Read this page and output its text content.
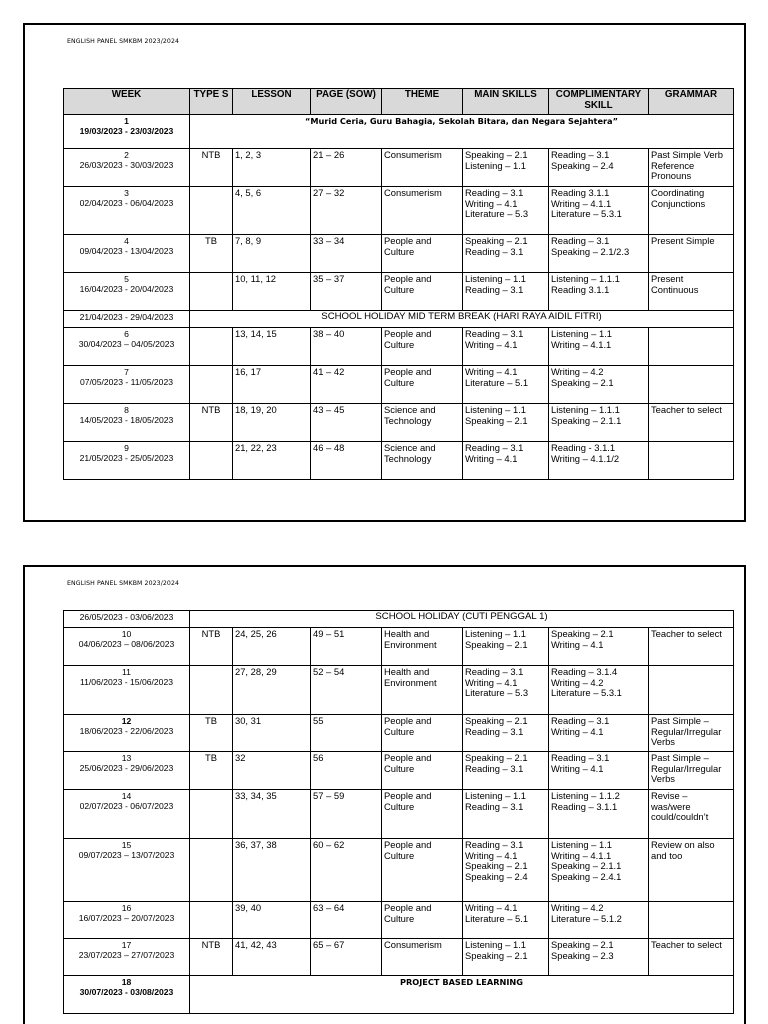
ENGLISH PANEL SMKBM 2023/2024
WEEK	TYPE S	LESSON	PAGE (SOW)	THEME	MAIN SKILLS	COMPLIMENTARY SKILL	GRAMMAR

1
19/03/2023 - 23/03/2023	“Murid Ceria, Guru Bahagia, Sekolah Bitara, dan Negara Sejahtera”						

2
26/03/2023 - 30/03/2023	NTB	1, 2, 3	21 – 26	Consumerism	Speaking – 2.1
Listening – 1.1	Reading – 3.1
Speaking – 2.4	Past Simple Verb
Reference
Pronouns

3
02/04/2023 - 06/04/2023		4, 5, 6	27 – 32	Consumerism	Reading – 3.1
Writing – 4.1
Literature – 5.3	Reading 3.1.1
Writing – 4.1.1
Literature – 5.3.1	Coordinating
Conjunctions

4
09/04/2023 - 13/04/2023	TB	7, 8, 9	33 – 34	People and Culture	Speaking – 2.1
Reading – 3.1	Reading – 3.1
Speaking – 2.1/2.3	Present Simple

5
16/04/2023 - 20/04/2023		10, 11, 12	35 – 37	People and Culture	Listening – 1.1
Reading – 3.1	Listening – 1.1.1
Reading 3.1.1	Present
Continuous

21/04/2023 - 29/04/2023	SCHOOL HOLIDAY MID TERM BREAK (HARI RAYA AIDIL FITRI)						

6
30/04/2023 – 04/05/2023		13, 14, 15	38 – 40	People and Culture	Reading – 3.1
Writing – 4.1	Listening – 1.1
Writing – 4.1.1	

7
07/05/2023 - 11/05/2023		16, 17	41 – 42	People and Culture	Writing – 4.1
Literature – 5.1	Writing – 4.2
Speaking – 2.1	

8
14/05/2023 - 18/05/2023	NTB	18, 19, 20	43 – 45	Science and Technology	Listening – 1.1
Speaking – 2.1	Listening – 1.1.1
Speaking – 2.1.1	Teacher to select

9
21/05/2023 - 25/05/2023		21, 22, 23	46 – 48	Science and Technology	Reading – 3.1
Writing – 4.1	Reading - 3.1.1
Writing – 4.1.1/2	

ENGLISH PANEL SMKBM 2023/2024
26/05/2023 - 03/06/2023	SCHOOL HOLIDAY (CUTI PENGGAL 1)						

10
04/06/2023 – 08/06/2023	NTB	24, 25, 26	49 – 51	Health and Environment	Listening – 1.1
Speaking – 2.1	Speaking – 2.1
Writing – 4.1	Teacher to select

11
11/06/2023 - 15/06/2023		27, 28, 29	52 – 54	Health and Environment	Reading – 3.1
Writing – 4.1
Literature – 5.3	Reading – 3.1.4
Writing – 4.2
Literature – 5.3.1	

12
18/06/2023 - 22/06/2023	TB	30, 31	55	People and Culture	Speaking – 2.1
Reading – 3.1	Reading – 3.1
Writing – 4.1	Past Simple –
Regular/Irregular
Verbs

13
25/06/2023 - 29/06/2023	TB	32	56	People and Culture	Speaking – 2.1
Reading – 3.1	Reading – 3.1
Writing – 4.1	Past Simple –
Regular/Irregular
Verbs

14
02/07/2023 - 06/07/2023		33, 34, 35	57 – 59	People and Culture	Listening – 1.1
Reading – 3.1	Listening – 1.1.2
Reading – 3.1.1	Revise –
was/were
could/couldn’t

15
09/07/2023 – 13/07/2023		36, 37, 38	60 – 62	People and Culture	Reading – 3.1
Writing – 4.1
Speaking – 2.1
Speaking – 2.4	Listening – 1.1
Writing – 4.1.1
Speaking – 2.1.1
Speaking – 2.4.1	Review on also
and too

16
16/07/2023 – 20/07/2023		39, 40	63 – 64	People and Culture	Writing – 4.1
Literature – 5.1	Writing – 4.2
Literature – 5.1.2	

17
23/07/2023 – 27/07/2023	NTB	41, 42, 43	65 – 67	Consumerism	Listening – 1.1
Speaking – 2.1	Speaking – 2.1
Speaking – 2.3	Teacher to select

18
30/07/2023 - 03/08/2023	PROJECT BASED LEARNING						
